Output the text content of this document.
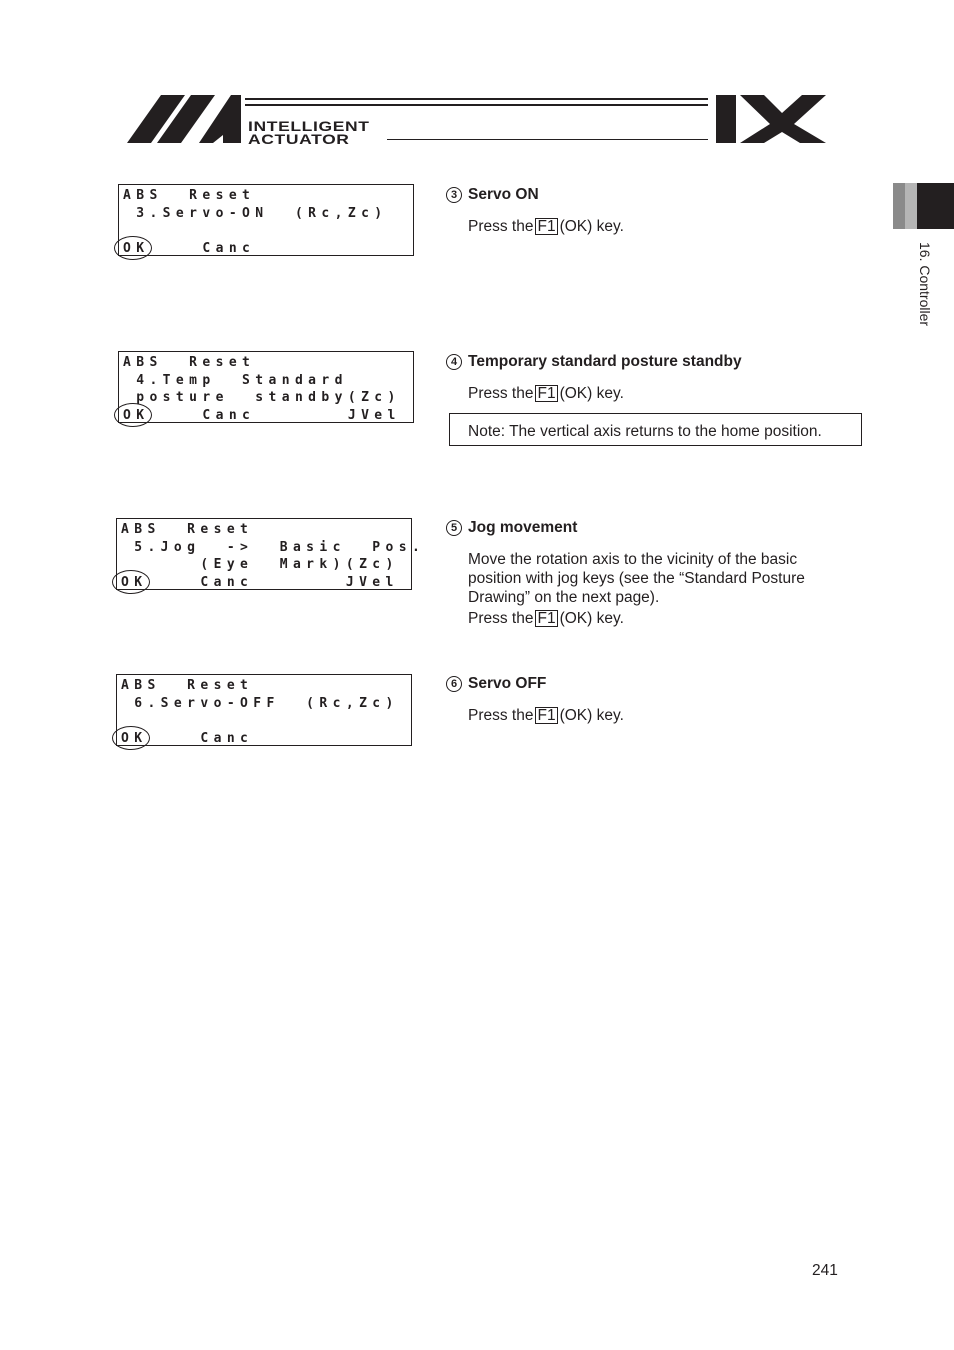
INTELLIGENT
ACTUATOR
16. Controller
ABS  Reset
3.Servo-ON  (Rc,Zc)
OK    Canc
ABS  Reset
4.Temp  Standard
posture  standby(Zc)
OK    Canc       JVel
ABS  Reset
5.Jog  ->  Basic  Pos.
(Eye  Mark)(Zc)
OK    Canc       JVel
ABS  Reset
6.Servo-OFF  (Rc,Zc)
OK    Canc
3 Servo ON
Press the F1 (OK) key.
4 Temporary standard posture standby
Press the F1 (OK) key.
Note: The vertical axis returns to the home position.
5 Jog movement
Move the rotation axis to the vicinity of the basic
position with jog keys (see the “Standard Posture
Drawing” on the next page).
Press the F1 (OK) key.
6 Servo OFF
Press the F1 (OK) key.
241
